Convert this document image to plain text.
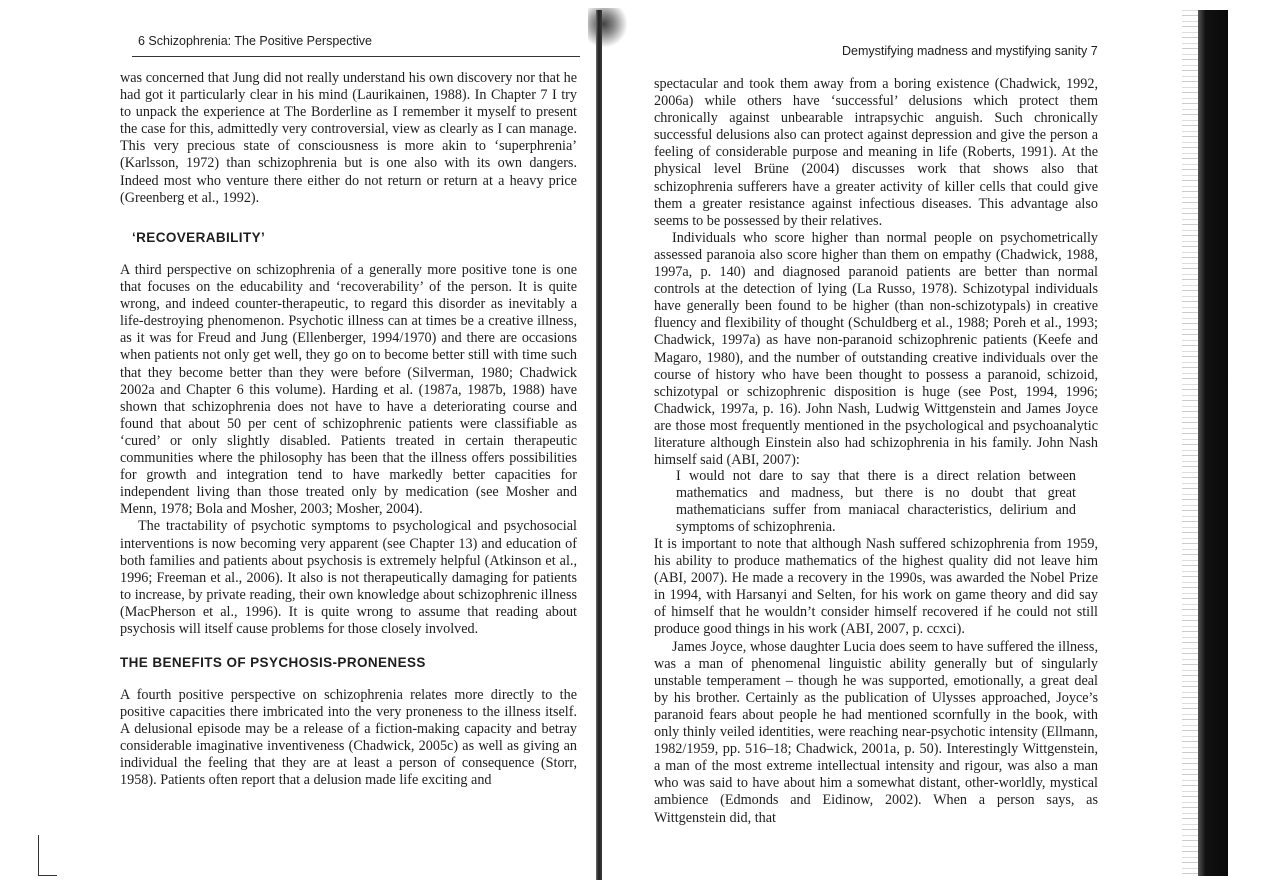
6 Schizophrenia: The Positive Perspective

was concerned that Jung did not really understand his own discovery nor that he had got it particularly clear in his mind (Laurikainen, 1988). In Chapter 7 I try to unpack the experience at The Borderline as I remember it myself to present the case for this, admittedly very controversial, view as clearly as I can manage. This very precious state of consciousness is more akin to ‘superphrenia’ (Karlsson, 1972) than schizophrenia but is one also with its own dangers. Indeed most who venture there either do not return or return at a heavy price (Greenberg et al., 1992).

‘RECOVERABILITY’

A third perspective on schizophrenia of a generally more positive tone is one that focuses on the educability and ‘recoverability’ of the person. It is quite wrong, and indeed counter-therapeutic, to regard this disorder as inevitably a life-destroying phenomenon. Psychotic illness can at times be a creative illness, as it was for Freud and Jung (Ellenberger, 1994/1970) and there are occasions when patients not only get well, they go on to become better still with time such that they become better than they were before (Silverman, 1980; Chadwick 2002a and Chapter 6 this volume). Harding et al. (1987a, 1987b, 1988) have shown that schizophrenia does not have to have a deteriorating course and found that about 50 per cent of schizophrenic patients were classifiable as ‘cured’ or only slightly disabled. Patients treated in certain therapeutic communities where the philosophy has been that the illness offers possibilities for growth and integration tend to have markedly better capacities for independent living than those treated only by medication (see Mosher and Menn, 1978; Bola and Mosher, 2003; Mosher, 2004).

The tractability of psychotic symptoms to psychological and psychosocial interventions is now becoming very apparent (see Chapter 13) and education of both families and patients about psychosis is extremely helpful (Atkinson et al., 1996; Freeman et al., 2006). It also is not therapeutically damaging for patients to increase, by private reading, their own knowledge about schizophrenic illness (MacPherson et al., 1996). It is quite wrong to assume that reading about psychosis will itself cause problems for those closely involved.

THE BENEFITS OF PSYCHOSIS-PRONENESS

A fourth positive perspective on schizophrenia relates more directly to the positive capacities there imbricated into the very proneness to the illness itself. A delusional episode may be a release of a fiction-making capacity and betray considerable imaginative inventiveness (Chadwick, 2005c) as well as giving an individual the feeling that they are at least a person of consequence (Storr, 1958). Patients often report that a delusion made life exciting and

Demystifying madness and mystifying sanity 7

spectacular and took them away from a boring existence (Chadwick, 1992, 2006a) while others have ‘successful’ delusions which protect them chronically against unbearable intrapsychic anguish. Such chronically successful delusions also can protect against depression and give the person a feeling of considerable purpose and meaning in life (Roberts, 1991). At the physical level Brüne (2004) discusses work that shows also that schizophrenia sufferers have a greater activity of killer cells that could give them a greater resistance against infectious diseases. This advantage also seems to be possessed by their relatives.

Individuals who score higher than normal people on psychometrically assessed paranoia also score higher than them on empathy (Chadwick, 1988, 1997a, p. 140) and diagnosed paranoid patients are better than normal controls at the detection of lying (La Russo, 1978). Schizotypal individuals have generally been found to be higher (than non-schizotypals) in creative fluency and flexibility of thought (Schuldberg et al., 1988; Poreh et al., 1993; Chadwick, 1997a) as have non-paranoid schizophrenic patients (Keefe and Magaro, 1980), and the number of outstanding creative individuals over the course of history who have been thought to possess a paranoid, schizoid, schizotypal or schizophrenic disposition is huge (see Post, 1994, 1996; Chadwick, 1997a, p. 16). John Nash, Ludwig Wittgenstein and James Joyce are those most frequently mentioned in the psychological and psychoanalytic literature although Einstein also had schizophrenia in his family. John Nash himself said (ABI, 2007):

I would not dare to say that there is a direct relation between mathematics and madness, but there is no doubt that great mathematicians suffer from maniacal characteristics, delirium and symptoms of schizophrenia.

It is important to note that although Nash suffered schizophrenia from 1959, his ability to produce mathematics of the highest quality did not leave him (ABI, 2007). He made a recovery in the 1990s, was awarded the Nobel Prize in 1994, with Harsanyi and Selten, for his work on game theory and did say of himself that he wouldn’t consider himself recovered if he could not still produce good things in his work (ABI, 2007, p. ccxci).

James Joyce, whose daughter Lucia does seem to have suffered the illness, was a man of phenomenal linguistic ability generally but of singularly unstable temperament – though he was supported, emotionally, a great deal by his brother. Certainly as the publication of Ulysses approached, Joyce’s paranoid fears about people he had mentioned scornfully in the book, with only thinly veiled identities, were reaching near-psychotic intensity (Ellmann, 1982/1959, pp. 516–18; Chadwick, 2001a, p. 50). Interestingly Wittgenstein, a man of the most extreme intellectual intensity and rigour, was also a man who was said to have about him a somewhat distant, other-worldly, mystical ambience (Edmonds and Eidinow, 2002). When a person says, as Wittgenstein did, that
